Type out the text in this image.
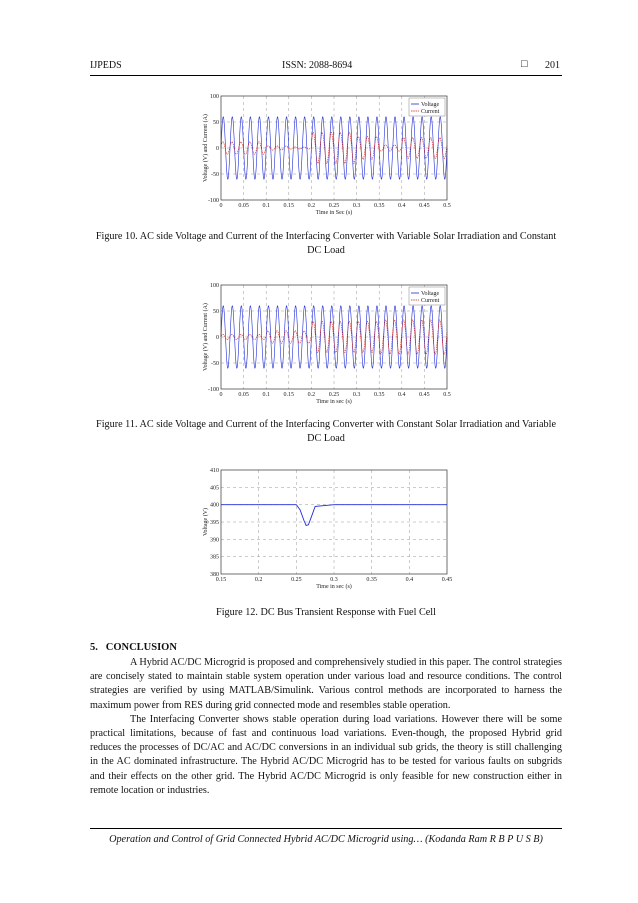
IJPEDS	ISSN: 2088-8694	□ 201
0	0.05 0.1 0.15 0.2 0.25 0.3 0.35 0.4 0.45 0.5
100
50
0
-50
-100
Time in Sec (s)
Voltage (V) and Current (A)
Voltage
Current
Figure 10. AC side Voltage and Current of the Interfacing Converter with Variable Solar Irradiation and Constant DC Load
0	0.05 0.1 0.15 0.2 0.25 0.3 0.35 0.4 0.45 0.5
100
50
0
-50
-100
Time in sec (s)
Voltage (V) and Current (A)
Voltage
Current
Figure 11. AC side Voltage and Current of the Interfacing Converter with Constant Solar Irradiation and Variable DC Load
0.15	0.2	0.25	0.3	0.35	0.4	0.45
410
405
400
395
390
385
380
Time in sec (s)
Voltage (V)
Figure 12. DC Bus Transient Response with Fuel Cell
5.   CONCLUSION

A Hybrid AC/DC Microgrid is proposed and comprehensively studied in this paper. The control strategies are concisely stated to maintain stable system operation under various load and resource conditions. The control strategies are verified by using MATLAB/Simulink. Various control methods are incorporated to harness the maximum power from RES during grid connected mode and resembles stable operation.

The Interfacing Converter shows stable operation during load variations. However there will be some practical limitations, because of fast and continuous load variations. Even-though, the proposed Hybrid grid reduces the processes of DC/AC and AC/DC conversions in an individual sub grids, the theory is still challenging in the AC dominated infrastructure. The Hybrid AC/DC Microgrid has to be tested for various faults on subgrids and their effects on the other grid. The Hybrid AC/DC Microgrid is only feasible for new construction either in remote location or industries.

Operation and Control of Grid Connected Hybrid AC/DC Microgrid using… (Kodanda Ram R B P U S B)
